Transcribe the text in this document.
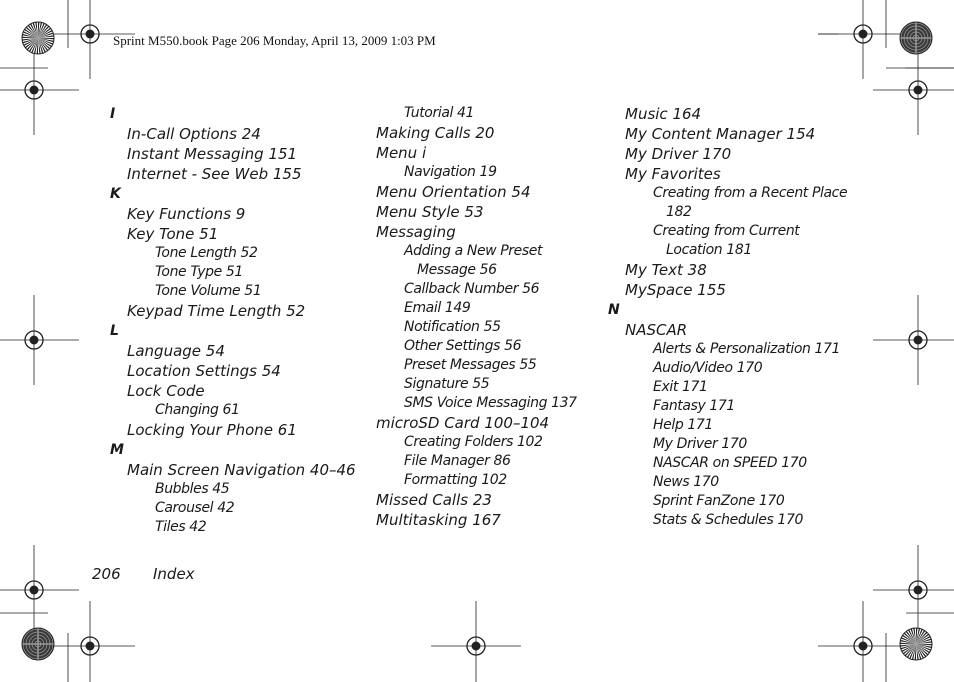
Sprint M550.book Page 206 Monday, April 13, 2009 1:03 PM
I
In-Call Options 24
Instant Messaging 151
Internet - See Web 155
K
Key Functions 9
Key Tone 51
Tone Length 52
Tone Type 51
Tone Volume 51
Keypad Time Length 52
L
Language 54
Location Settings 54
Lock Code
Changing 61
Locking Your Phone 61
M
Main Screen Navigation 40–46
Bubbles 45
Carousel 42
Tiles 42
Tutorial 41
Making Calls 20
Menu i
Navigation 19
Menu Orientation 54
Menu Style 53
Messaging
Adding a New Preset
Message 56
Callback Number 56
Email 149
Notification 55
Other Settings 56
Preset Messages 55
Signature 55
SMS Voice Messaging 137
microSD Card 100–104
Creating Folders 102
File Manager 86
Formatting 102
Missed Calls 23
Multitasking 167
Music 164
My Content Manager 154
My Driver 170
My Favorites
Creating from a Recent Place
182
Creating from Current
Location 181
My Text 38
MySpace 155
N
NASCAR
Alerts & Personalization 171
Audio/Video 170
Exit 171
Fantasy 171
Help 171
My Driver 170
NASCAR on SPEED 170
News 170
Sprint FanZone 170
Stats & Schedules 170
206 Index
